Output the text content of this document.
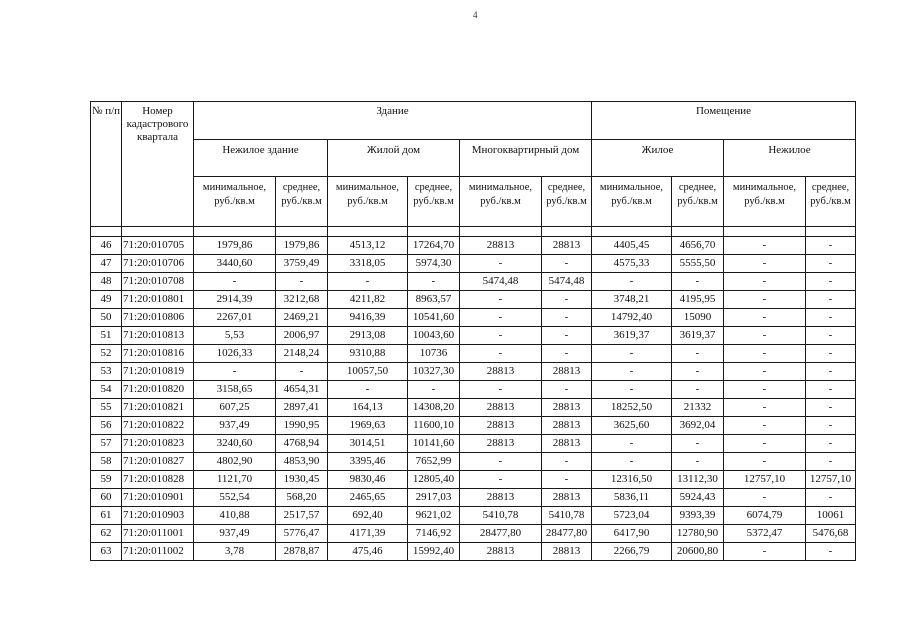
4
№ п/п	Номер кадастрового квартала	Здание						Помещение			
		Нежилое здание		Жилой дом		Многоквартирный дом		Жилое		Нежилое	
		минимальное, руб./кв.м	среднее, руб./кв.м	минимальное, руб./кв.м	среднее, руб./кв.м	минимальное, руб./кв.м	среднее, руб./кв.м	минимальное, руб./кв.м	среднее, руб./кв.м	минимальное, руб./кв.м	среднее, руб./кв.м

46	71:20:010705	1979,86	1979,86	4513,12	17264,70	28813	28813	4405,45	4656,70	-	-
47	71:20:010706	3440,60	3759,49	3318,05	5974,30	-	-	4575,33	5555,50	-	-
48	71:20:010708	-	-	-	-	5474,48	5474,48	-	-	-	-
49	71:20:010801	2914,39	3212,68	4211,82	8963,57	-	-	3748,21	4195,95	-	-
50	71:20:010806	2267,01	2469,21	9416,39	10541,60	-	-	14792,40	15090	-	-
51	71:20:010813	5,53	2006,97	2913,08	10043,60	-	-	3619,37	3619,37	-	-
52	71:20:010816	1026,33	2148,24	9310,88	10736	-	-	-	-	-	-
53	71:20:010819	-	-	10057,50	10327,30	28813	28813	-	-	-	-
54	71:20:010820	3158,65	4654,31	-	-	-	-	-	-	-	-
55	71:20:010821	607,25	2897,41	164,13	14308,20	28813	28813	18252,50	21332	-	-
56	71:20:010822	937,49	1990,95	1969,63	11600,10	28813	28813	3625,60	3692,04	-	-
57	71:20:010823	3240,60	4768,94	3014,51	10141,60	28813	28813	-	-	-	-
58	71:20:010827	4802,90	4853,90	3395,46	7652,99	-	-	-	-	-	-
59	71:20:010828	1121,70	1930,45	9830,46	12805,40	-	-	12316,50	13112,30	12757,10	12757,10
60	71:20:010901	552,54	568,20	2465,65	2917,03	28813	28813	5836,11	5924,43	-	-
61	71:20:010903	410,88	2517,57	692,40	9621,02	5410,78	5410,78	5723,04	9393,39	6074,79	10061
62	71:20:011001	937,49	5776,47	4171,39	7146,92	28477,80	28477,80	6417,90	12780,90	5372,47	5476,68
63	71:20:011002	3,78	2878,87	475,46	15992,40	28813	28813	2266,79	20600,80	-	-
